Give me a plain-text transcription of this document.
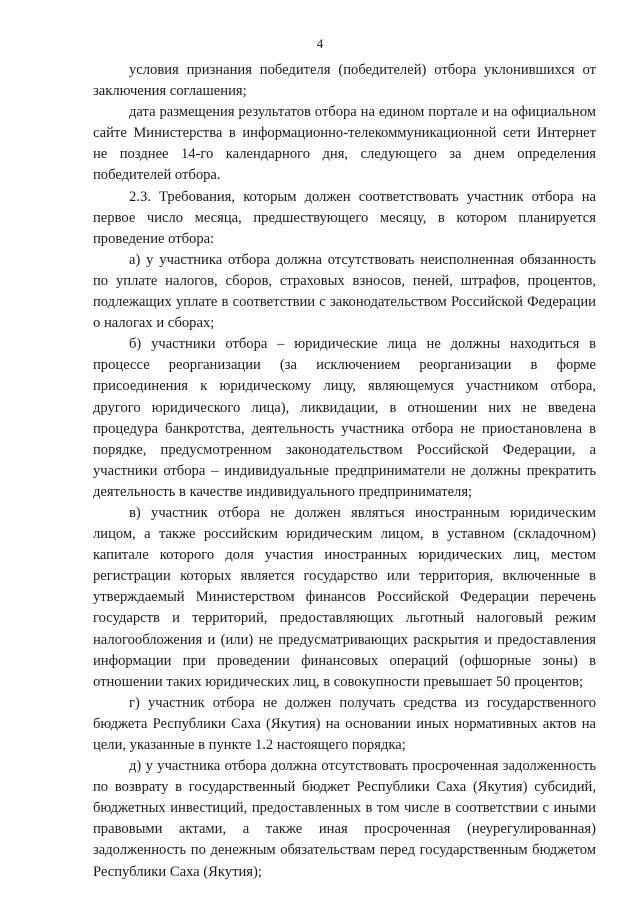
4

условия признания победителя (победителей) отбора уклонившихся от заключения соглашения;

дата размещения результатов отбора на едином портале и на официальном сайте Министерства в информационно-телекоммуникационной сети Интернет не позднее 14-го календарного дня, следующего за днем определения победителей отбора.

2.3. Требования, которым должен соответствовать участник отбора на первое число месяца, предшествующего месяцу, в котором планируется проведение отбора:

а) у участника отбора должна отсутствовать неисполненная обязанность по уплате налогов, сборов, страховых взносов, пеней, штрафов, процентов, подлежащих уплате в соответствии с законодательством Российской Федерации о налогах и сборах;

б) участники отбора – юридические лица не должны находиться в процессе реорганизации (за исключением реорганизации в форме присоединения к юридическому лицу, являющемуся участником отбора, другого юридического лица), ликвидации, в отношении них не введена процедура банкротства, деятельность участника отбора не приостановлена в порядке, предусмотренном законодательством Российской Федерации, а участники отбора – индивидуальные предприниматели не должны прекратить деятельность в качестве индивидуального предпринимателя;

в) участник отбора не должен являться иностранным юридическим лицом, а также российским юридическим лицом, в уставном (складочном) капитале которого доля участия иностранных юридических лиц, местом регистрации которых является государство или территория, включенные в утверждаемый Министерством финансов Российской Федерации перечень государств и территорий, предоставляющих льготный налоговый режим налогообложения и (или) не предусматривающих раскрытия и предоставления информации при проведении финансовых операций (офшорные зоны) в отношении таких юридических лиц, в совокупности превышает 50 процентов;

г) участник отбора не должен получать средства из государственного бюджета Республики Саха (Якутия) на основании иных нормативных актов на цели, указанные в пункте 1.2 настоящего порядка;

д) у участника отбора должна отсутствовать просроченная задолженность по возврату в государственный бюджет Республики Саха (Якутия) субсидий, бюджетных инвестиций, предоставленных в том числе в соответствии с иными правовыми актами, а также иная просроченная (неурегулированная) задолженность по денежным обязательствам перед государственным бюджетом Республики Саха (Якутия);
